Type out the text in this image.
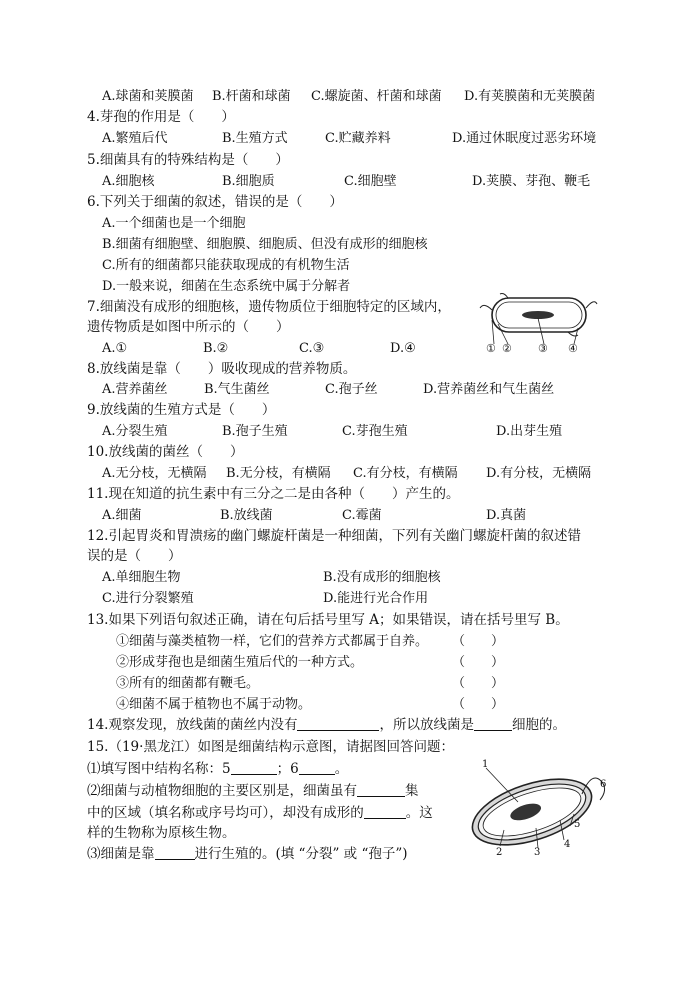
A.球菌和荚膜菌 B.杆菌和球菌 C.螺旋菌、杆菌和球菌 D.有荚膜菌和无荚膜菌
4.芽孢的作用是（　　）
A.繁殖后代	B.生殖方式	C.贮藏养料	D.通过休眠度过恶劣环境
5.细菌具有的特殊结构是（　　）
A.细胞核	B.细胞质	C.细胞壁	D.荚膜、芽孢、鞭毛
6.下列关于细菌的叙述，错误的是（　　）
A.一个细菌也是一个细胞
B.细菌有细胞壁、细胞膜、细胞质、但没有成形的细胞核
C.所有的细菌都只能获取现成的有机物生活
D.一般来说，细菌在生态系统中属于分解者
7.细菌没有成形的细胞核，遗传物质位于细胞特定的区域内，
遗传物质是如图中所示的（　　）
A.①	B.②	C.③	D.④	① ② ③ ④
8.放线菌是靠（　　）吸收现成的营养物质。
A.营养菌丝	B.气生菌丝	C.孢子丝	D.营养菌丝和气生菌丝
9.放线菌的生殖方式是（　　）
A.分裂生殖	B.孢子生殖	C.芽孢生殖	D.出芽生殖
10.放线菌的菌丝（　　）
A.无分枝，无横隔 B.无分枝，有横隔 C.有分枝，有横隔 D.有分枝，无横隔
11.现在知道的抗生素中有三分之二是由各种（　　）产生的。
A.细菌	B.放线菌	C.霉菌	D.真菌
12.引起胃炎和胃溃疡的幽门螺旋杆菌是一种细菌，下列有关幽门螺旋杆菌的叙述错
误的是（　　）
A.单细胞生物	B.没有成形的细胞核
C.进行分裂繁殖	D.能进行光合作用
13.如果下列语句叙述正确，请在句后括号里写 A；如果错误，请在括号里写 B。
①细菌与藻类植物一样，它们的营养方式都属于自养。 （　　）
②形成芽孢也是细菌生殖后代的一种方式。	（　　）
③所有的细菌都有鞭毛。	（　　）
④细菌不属于植物也不属于动物。	（　　）
14.观察发现，放线菌的菌丝内没有	，所以放线菌是	细胞的。
15.（19·黑龙江）如图是细菌结构示意图，请据图回答问题：
⑴填写图中结构名称：5	；6	。
⑵细菌与动植物细胞的主要区别是，细菌虽有	集
中的区域（填名称或序号均可），却没有成形的	。这
样的生物称为原核生物。
⑶细菌是靠	进行生殖的。(填 “分裂” 或 “孢子”)
1
2	3
4
5
6
